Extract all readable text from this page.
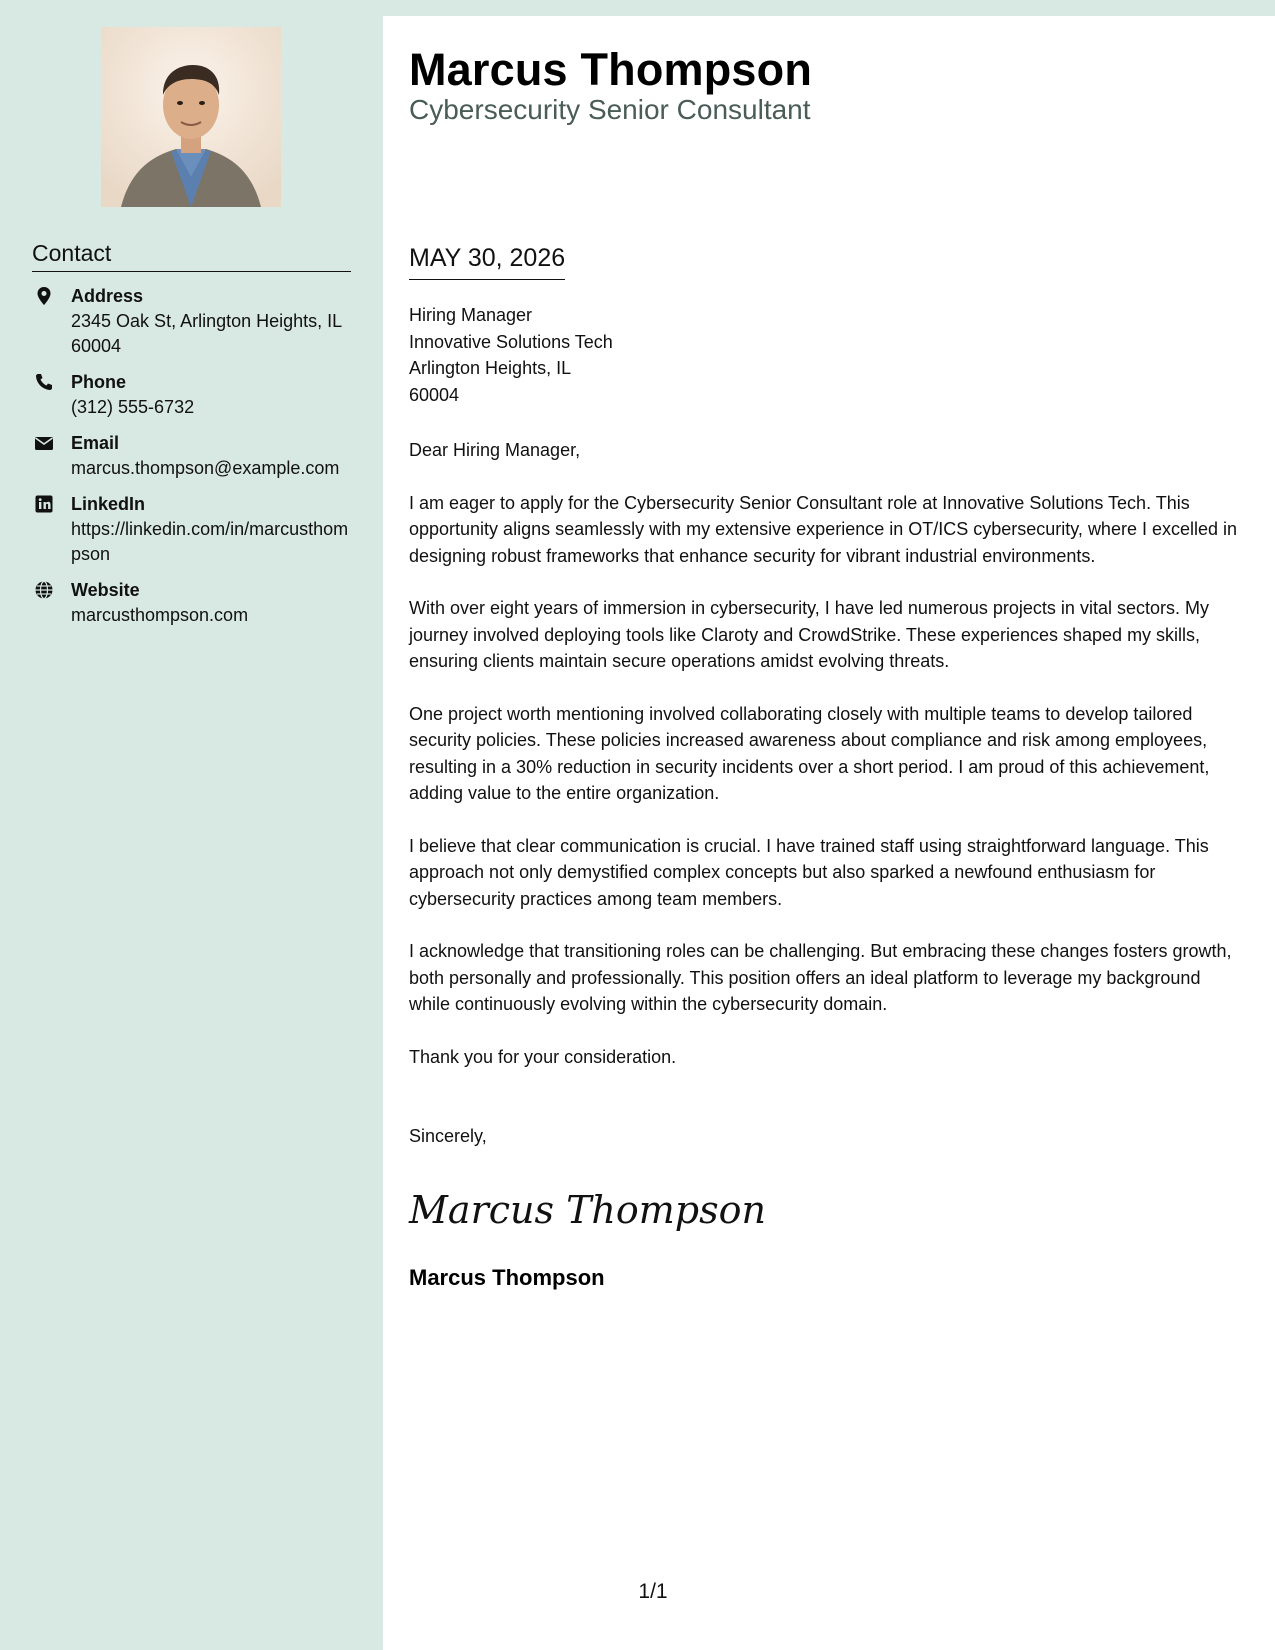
Contact
Address
2345 Oak St, Arlington Heights, IL 60004
Phone
(312) 555-6732
Email
marcus.thompson@example.com
LinkedIn
https://linkedin.com/in/marcusthompson
Website
marcusthompson.com
Marcus Thompson
Cybersecurity Senior Consultant
MAY 30, 2026
Hiring Manager
Innovative Solutions Tech
Arlington Heights, IL
60004

Dear Hiring Manager,

I am eager to apply for the Cybersecurity Senior Consultant role at Innovative Solutions Tech. This opportunity aligns seamlessly with my extensive experience in OT/ICS cybersecurity, where I excelled in designing robust frameworks that enhance security for vibrant industrial environments.

With over eight years of immersion in cybersecurity, I have led numerous projects in vital sectors. My journey involved deploying tools like Claroty and CrowdStrike. These experiences shaped my skills, ensuring clients maintain secure operations amidst evolving threats.

One project worth mentioning involved collaborating closely with multiple teams to develop tailored security policies. These policies increased awareness about compliance and risk among employees, resulting in a 30% reduction in security incidents over a short period. I am proud of this achievement, adding value to the entire organization.

I believe that clear communication is crucial. I have trained staff using straightforward language. This approach not only demystified complex concepts but also sparked a newfound enthusiasm for cybersecurity practices among team members.

I acknowledge that transitioning roles can be challenging. But embracing these changes fosters growth, both personally and professionally. This position offers an ideal platform to leverage my background while continuously evolving within the cybersecurity domain.

Thank you for your consideration.

Sincerely,
Marcus Thompson
Marcus Thompson
1/1
